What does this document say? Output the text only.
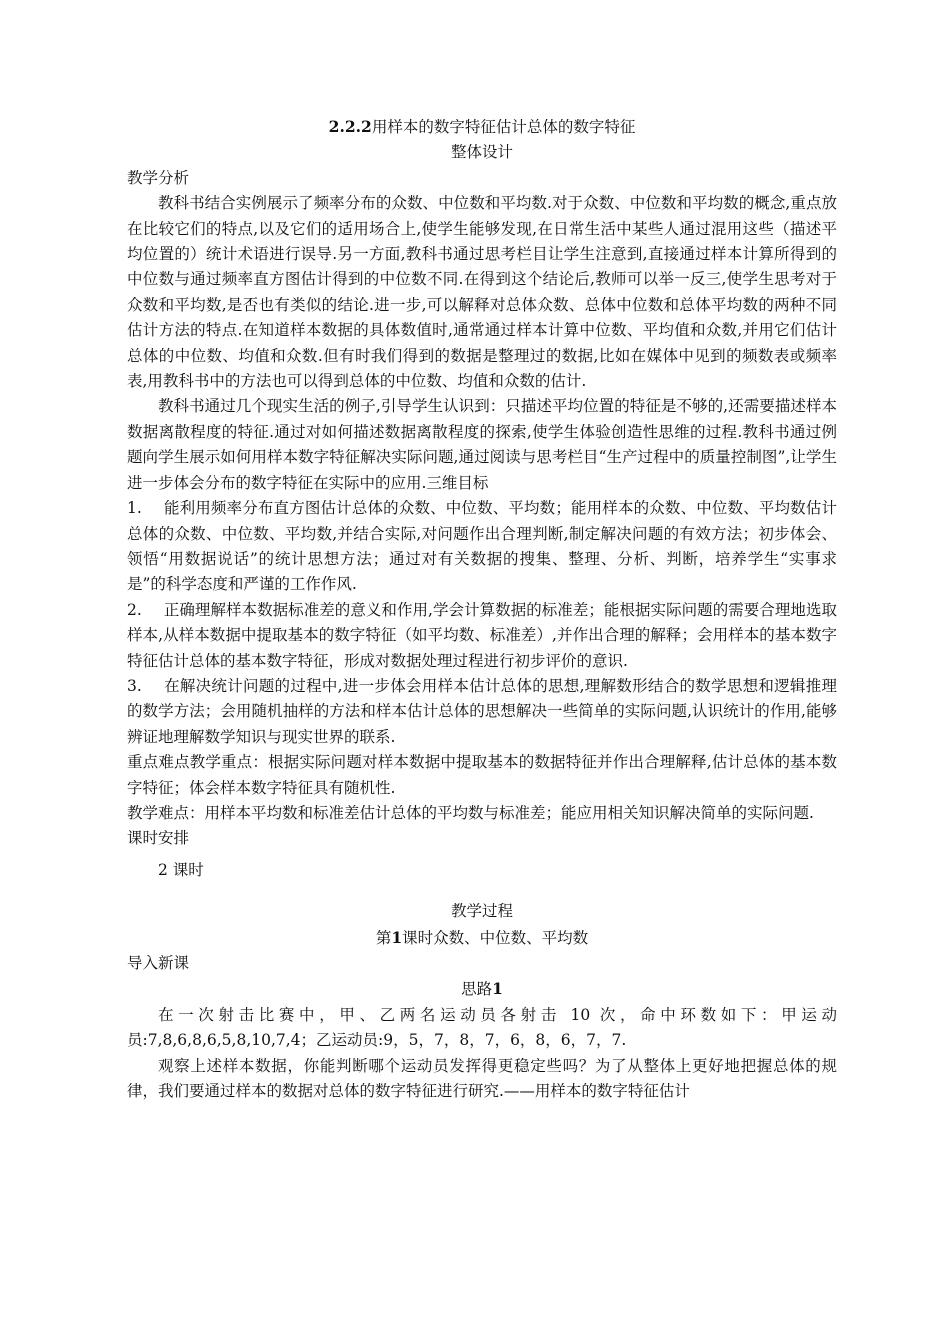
2.2.2用样本的数字特征估计总体的数字特征
整体设计
教学分析

教科书结合实例展示了频率分布的众数、中位数和平均数.对于众数、中位数和平均数的概念,重点放在比较它们的特点,以及它们的适用场合上,使学生能够发现,在日常生活中某些人通过混用这些（描述平均位置的）统计术语进行误导.另一方面,教科书通过思考栏目让学生注意到,直接通过样本计算所得到的中位数与通过频率直方图估计得到的中位数不同.在得到这个结论后,教师可以举一反三,使学生思考对于众数和平均数,是否也有类似的结论.进一步,可以解释对总体众数、总体中位数和总体平均数的两种不同估计方法的特点.在知道样本数据的具体数值时,通常通过样本计算中位数、平均值和众数,并用它们估计总体的中位数、均值和众数.但有时我们得到的数据是整理过的数据,比如在媒体中见到的频数表或频率表,用教科书中的方法也可以得到总体的中位数、均值和众数的估计.

教科书通过几个现实生活的例子,引导学生认识到：只描述平均位置的特征是不够的,还需要描述样本数据离散程度的特征.通过对如何描述数据离散程度的探索,使学生体验创造性思维的过程.教科书通过例题向学生展示如何用样本数字特征解决实际问题,通过阅读与思考栏目“生产过程中的质量控制图”,让学生进一步体会分布的数字特征在实际中的应用.三维目标

1. 能利用频率分布直方图估计总体的众数、中位数、平均数；能用样本的众数、中位数、平均数估计总体的众数、中位数、平均数,并结合实际,对问题作出合理判断,制定解决问题的有效方法；初步体会、领悟“用数据说话”的统计思想方法；通过对有关数据的搜集、整理、分析、判断，培养学生“实事求是”的科学态度和严谨的工作作风.

2. 正确理解样本数据标准差的意义和作用,学会计算数据的标准差；能根据实际问题的需要合理地选取样本,从样本数据中提取基本的数字特征（如平均数、标准差）,并作出合理的解释；会用样本的基本数字特征估计总体的基本数字特征，形成对数据处理过程进行初步评价的意识.

3. 在解决统计问题的过程中,进一步体会用样本估计总体的思想,理解数形结合的数学思想和逻辑推理的数学方法；会用随机抽样的方法和样本估计总体的思想解决一些简单的实际问题,认识统计的作用,能够辨证地理解数学知识与现实世界的联系.

重点难点教学重点：根据实际问题对样本数据中提取基本的数据特征并作出合理解释,估计总体的基本数字特征；体会样本数字特征具有随机性.

教学难点：用样本平均数和标准差估计总体的平均数与标准差；能应用相关知识解决简单的实际问题.

课时安排
2 课时
教学过程
第1课时众数、中位数、平均数
导入新课
思路1

在一次射击比赛中，甲、乙两名运动员各射击 10 次，命中环数如下：甲运动员:7,8,6,8,6,5,8,10,7,4；乙运动员:9，5，7，8，7，6，8，6，7，7.

观察上述样本数据，你能判断哪个运动员发挥得更稳定些吗？为了从整体上更好地把握总体的规律，我们要通过样本的数据对总体的数字特征进行研究.——用样本的数字特征估计
